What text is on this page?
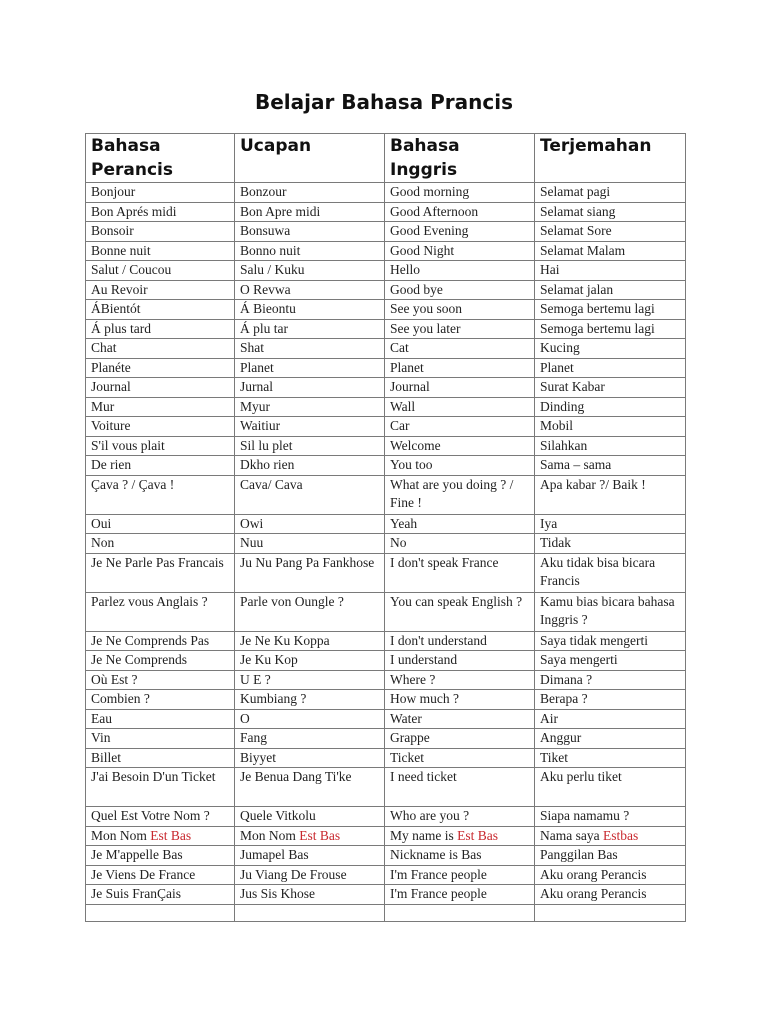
Belajar Bahasa Prancis
Bahasa Perancis	Ucapan	Bahasa Inggris	Terjemahan
Bonjour	Bonzour	Good morning	Selamat pagi
Bon Aprés midi	Bon Apre midi	Good Afternoon	Selamat siang
Bonsoir	Bonsuwa	Good Evening	Selamat Sore
Bonne nuit	Bonno nuit	Good Night	Selamat Malam
Salut / Coucou	Salu / Kuku	Hello	Hai
Au Revoir	O Revwa	Good bye	Selamat jalan
ÁBientót	Á Bieontu	See you soon	Semoga bertemu lagi
Á plus tard	Á plu tar	See you later	Semoga bertemu lagi
Chat	Shat	Cat	Kucing
Planéte	Planet	Planet	Planet
Journal	Jurnal	Journal	Surat Kabar
Mur	Myur	Wall	Dinding
Voiture	Waitiur	Car	Mobil
S'il vous plait	Sil lu plet	Welcome	Silahkan
De rien	Dkho rien	You too	Sama – sama
Çava ? / Çava !	Cava/ Cava	What are you doing ? / Fine !	Apa kabar ?/ Baik !
Oui	Owi	Yeah	Iya
Non	Nuu	No	Tidak
Je Ne Parle Pas Francais	Ju Nu Pang Pa Fankhose	I don't speak France	Aku tidak bisa bicara Francis
Parlez vous Anglais ?	Parle von Oungle ?	You can speak English ?	Kamu bias bicara bahasa Inggris ?
Je Ne Comprends Pas	Je Ne Ku Koppa	I don't understand	Saya tidak mengerti
Je Ne Comprends	Je Ku Kop	I understand	Saya mengerti
Où Est ?	U E ?	Where ?	Dimana ?
Combien ?	Kumbiang ?	How much ?	Berapa ?
Eau	O	Water	Air
Vin	Fang	Grappe	Anggur
Billet	Biyyet	Ticket	Tiket
J'ai Besoin D'un Ticket	Je Benua Dang Ti'ke	I need ticket	Aku perlu tiket
Quel Est Votre Nom ?	Quele Vitkolu	Who are you ?	Siapa namamu ?
Mon Nom Est Bas	Mon Nom Est Bas	My name is Est Bas	Nama saya Estbas
Je M'appelle Bas	Jumapel Bas	Nickname is Bas	Panggilan Bas
Je Viens De France	Ju Viang De Frouse	I'm France people	Aku orang Perancis
Je Suis FranÇais	Jus Sis Khose	I'm France people	Aku orang Perancis
